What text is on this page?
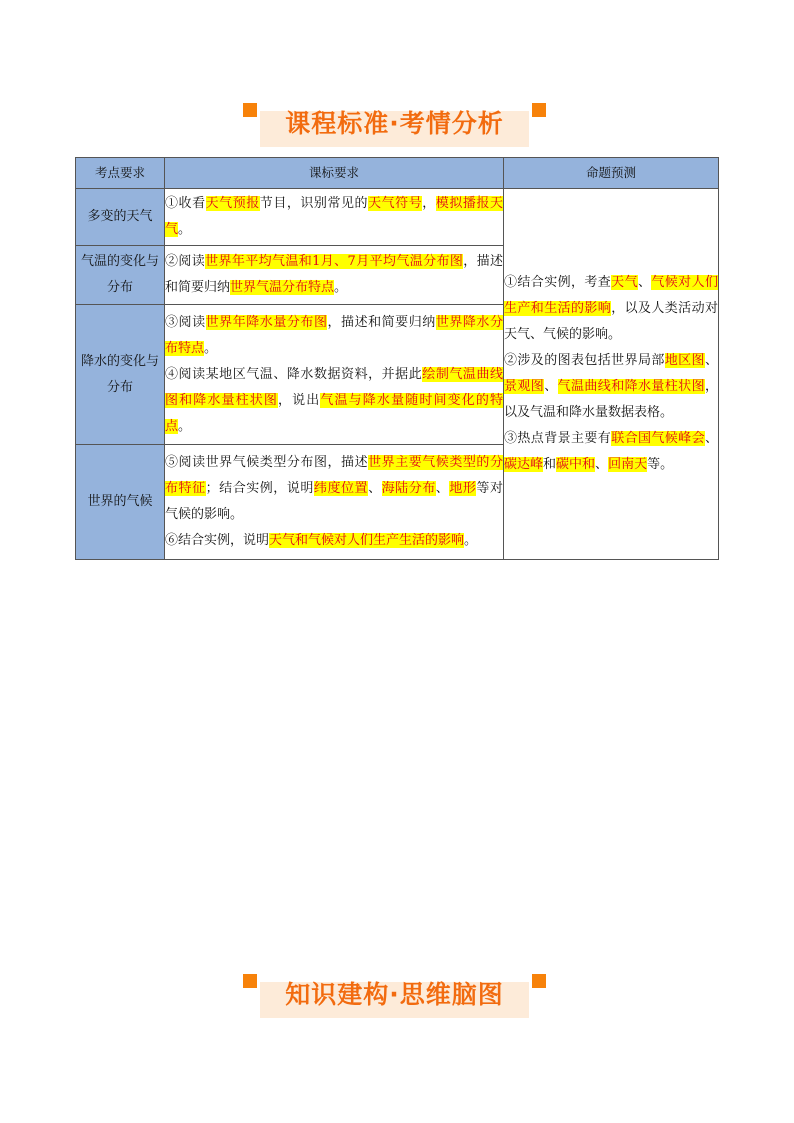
课程标准·考情分析
考点要求	课标要求	命题预测
多变的天气	①收看天气预报节目，识别常见的天气符号，模拟播报天气。	①结合实例，考查天气、气候对人们生产和生活的影响，以及人类活动对天气、气候的影响。

②涉及的图表包括世界局部地区图、景观图、气温曲线和降水量柱状图，以及气温和降水量数据表格。

③热点背景主要有联合国气候峰会、碳达峰和碳中和、回南天等。

气温的变化与分布	②阅读世界年平均气温和1月、7月平均气温分布图，描述和简要归纳世界气温分布特点。	

降水的变化与分布	③阅读世界年降水量分布图，描述和简要归纳世界降水分布特点。

④阅读某地区气温、降水数据资料，并据此绘制气温曲线图和降水量柱状图，说出气温与降水量随时间变化的特点。	

世界的气候	⑤阅读世界气候类型分布图，描述世界主要气候类型的分布特征；结合实例，说明纬度位置、海陆分布、地形等对气候的影响。

⑥结合实例，说明天气和气候对人们生产生活的影响。	

知识建构·思维脑图
